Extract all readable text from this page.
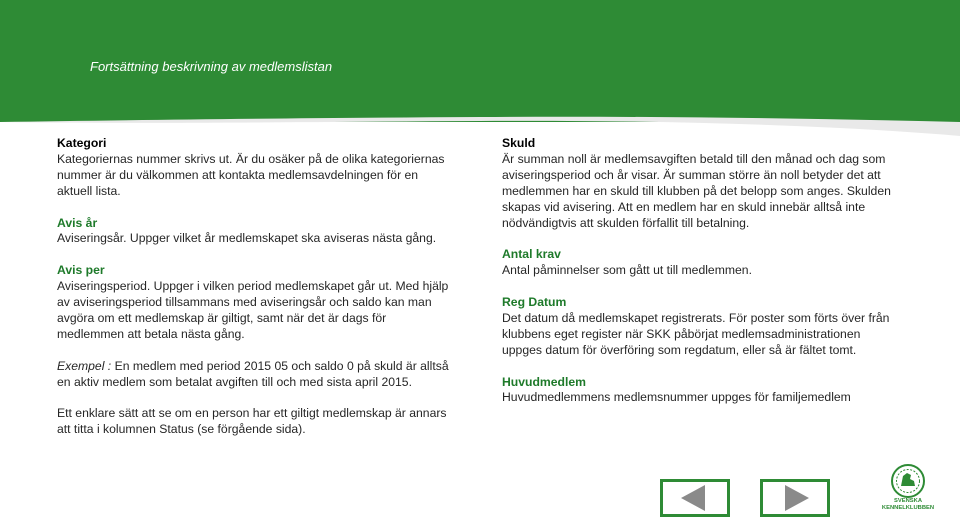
Fortsättning beskrivning av medlemslistan

Kategori

Kategoriernas nummer skrivs ut. Är du osäker på de olika kategoriernas

nummer är du välkommen att kontakta medlemsavdelningen för en

aktuell lista.

Avis år

Aviseringsår. Uppger vilket år medlemskapet ska aviseras nästa gång.

Avis per

Aviseringsperiod. Uppger i vilken period medlemskapet går ut. Med hjälp

av aviseringsperiod tillsammans med aviseringsår och saldo kan man

avgöra om ett medlemskap är giltigt, samt när det är dags för

medlemmen att betala nästa gång.

Exempel : En medlem med period 2015 05 och saldo 0 på skuld är alltså

en aktiv medlem som betalat avgiften till och med sista april 2015.

Ett enklare sätt att se om en person har ett giltigt medlemskap är annars

att titta i kolumnen Status (se förgående sida).

Skuld

Är summan noll är medlemsavgiften betald till den månad och dag som

aviseringsperiod och år visar. Är summan större än noll betyder det att

medlemmen har en skuld till klubben på det belopp som anges. Skulden

skapas vid avisering. Att en medlem har en skuld innebär alltså inte

nödvändigtvis att skulden förfallit till betalning.

Antal krav

Antal påminnelser som gått ut till medlemmen.

Reg Datum

Det datum då medlemskapet registrerats. För poster som förts över från

klubbens eget register när SKK påbörjat medlemsadministrationen

uppges datum för överföring som regdatum, eller så är fältet tomt.

Huvudmedlem

Huvudmedlemmens medlemsnummer uppges för familjemedlem

SVENSKA
KENNELKLUBBEN
